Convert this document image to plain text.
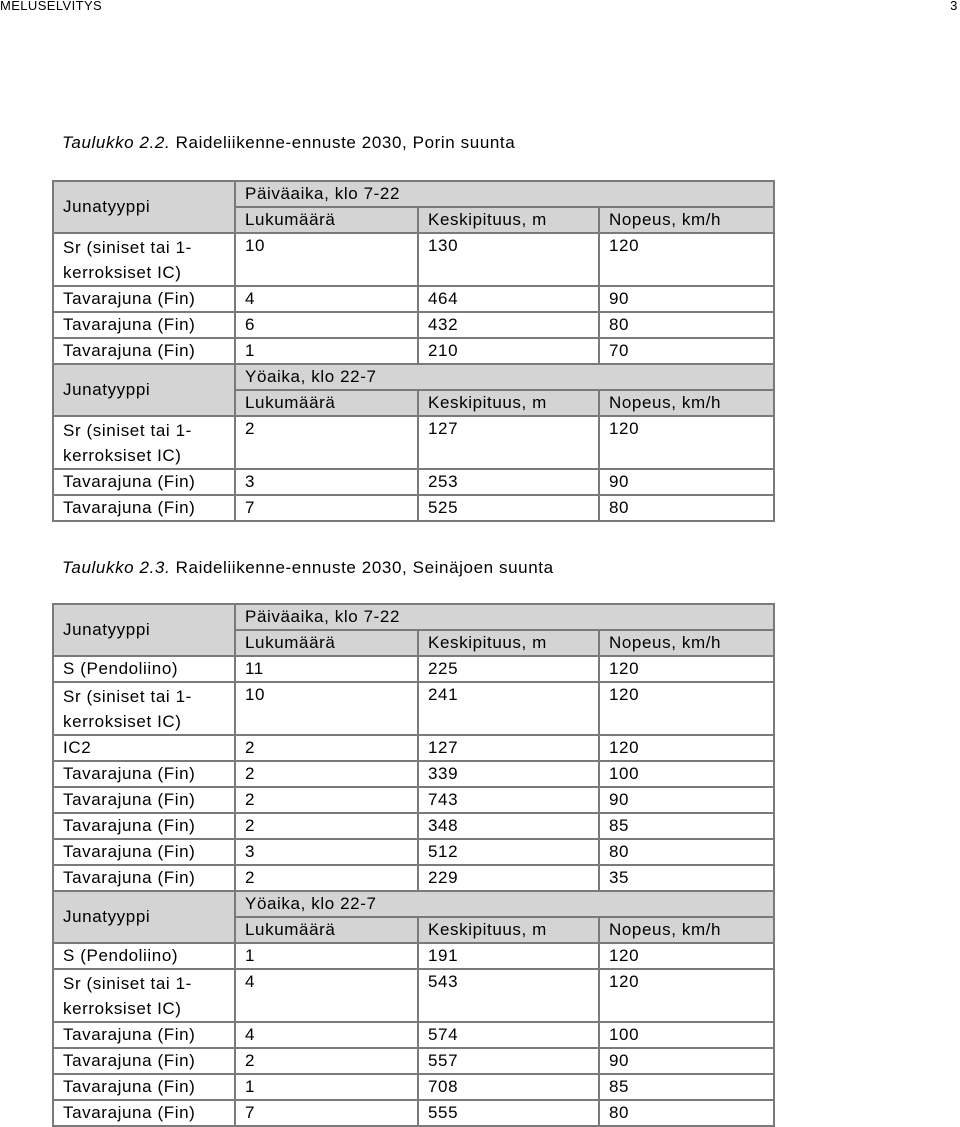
MELUSELVITYS	3
Taulukko 2.2. Raideliikenne-ennuste 2030, Porin suunta
Junatyyppi	Päiväaika, klo 7-22		
	Lukumäärä	Keskipituus, m	Nopeus, km/h

Sr (siniset tai 1-
kerroksiset IC)	10	130	120

Tavarajuna (Fin)	4	464	90

Tavarajuna (Fin)	6	432	80

Tavarajuna (Fin)	1	210	70
Junatyyppi	Yöaika, klo 22-7		
	Lukumäärä	Keskipituus, m	Nopeus, km/h

Sr (siniset tai 1-
kerroksiset IC)	2	127	120

Tavarajuna (Fin)	3	253	90

Tavarajuna (Fin)	7	525	80
Taulukko 2.3. Raideliikenne-ennuste 2030, Seinäjoen suunta
Junatyyppi	Päiväaika, klo 7-22		
	Lukumäärä	Keskipituus, m	Nopeus, km/h

S (Pendoliino)	11	225	120

Sr (siniset tai 1-
kerroksiset IC)	10	241	120

IC2	2	127	120

Tavarajuna (Fin)	2	339	100

Tavarajuna (Fin)	2	743	90

Tavarajuna (Fin)	2	348	85

Tavarajuna (Fin)	3	512	80

Tavarajuna (Fin)	2	229	35
Junatyyppi	Yöaika, klo 22-7		
	Lukumäärä	Keskipituus, m	Nopeus, km/h

S (Pendoliino)	1	191	120

Sr (siniset tai 1-
kerroksiset IC)	4	543	120

Tavarajuna (Fin)	4	574	100

Tavarajuna (Fin)	2	557	90

Tavarajuna (Fin)	1	708	85

Tavarajuna (Fin)	7	555	80
